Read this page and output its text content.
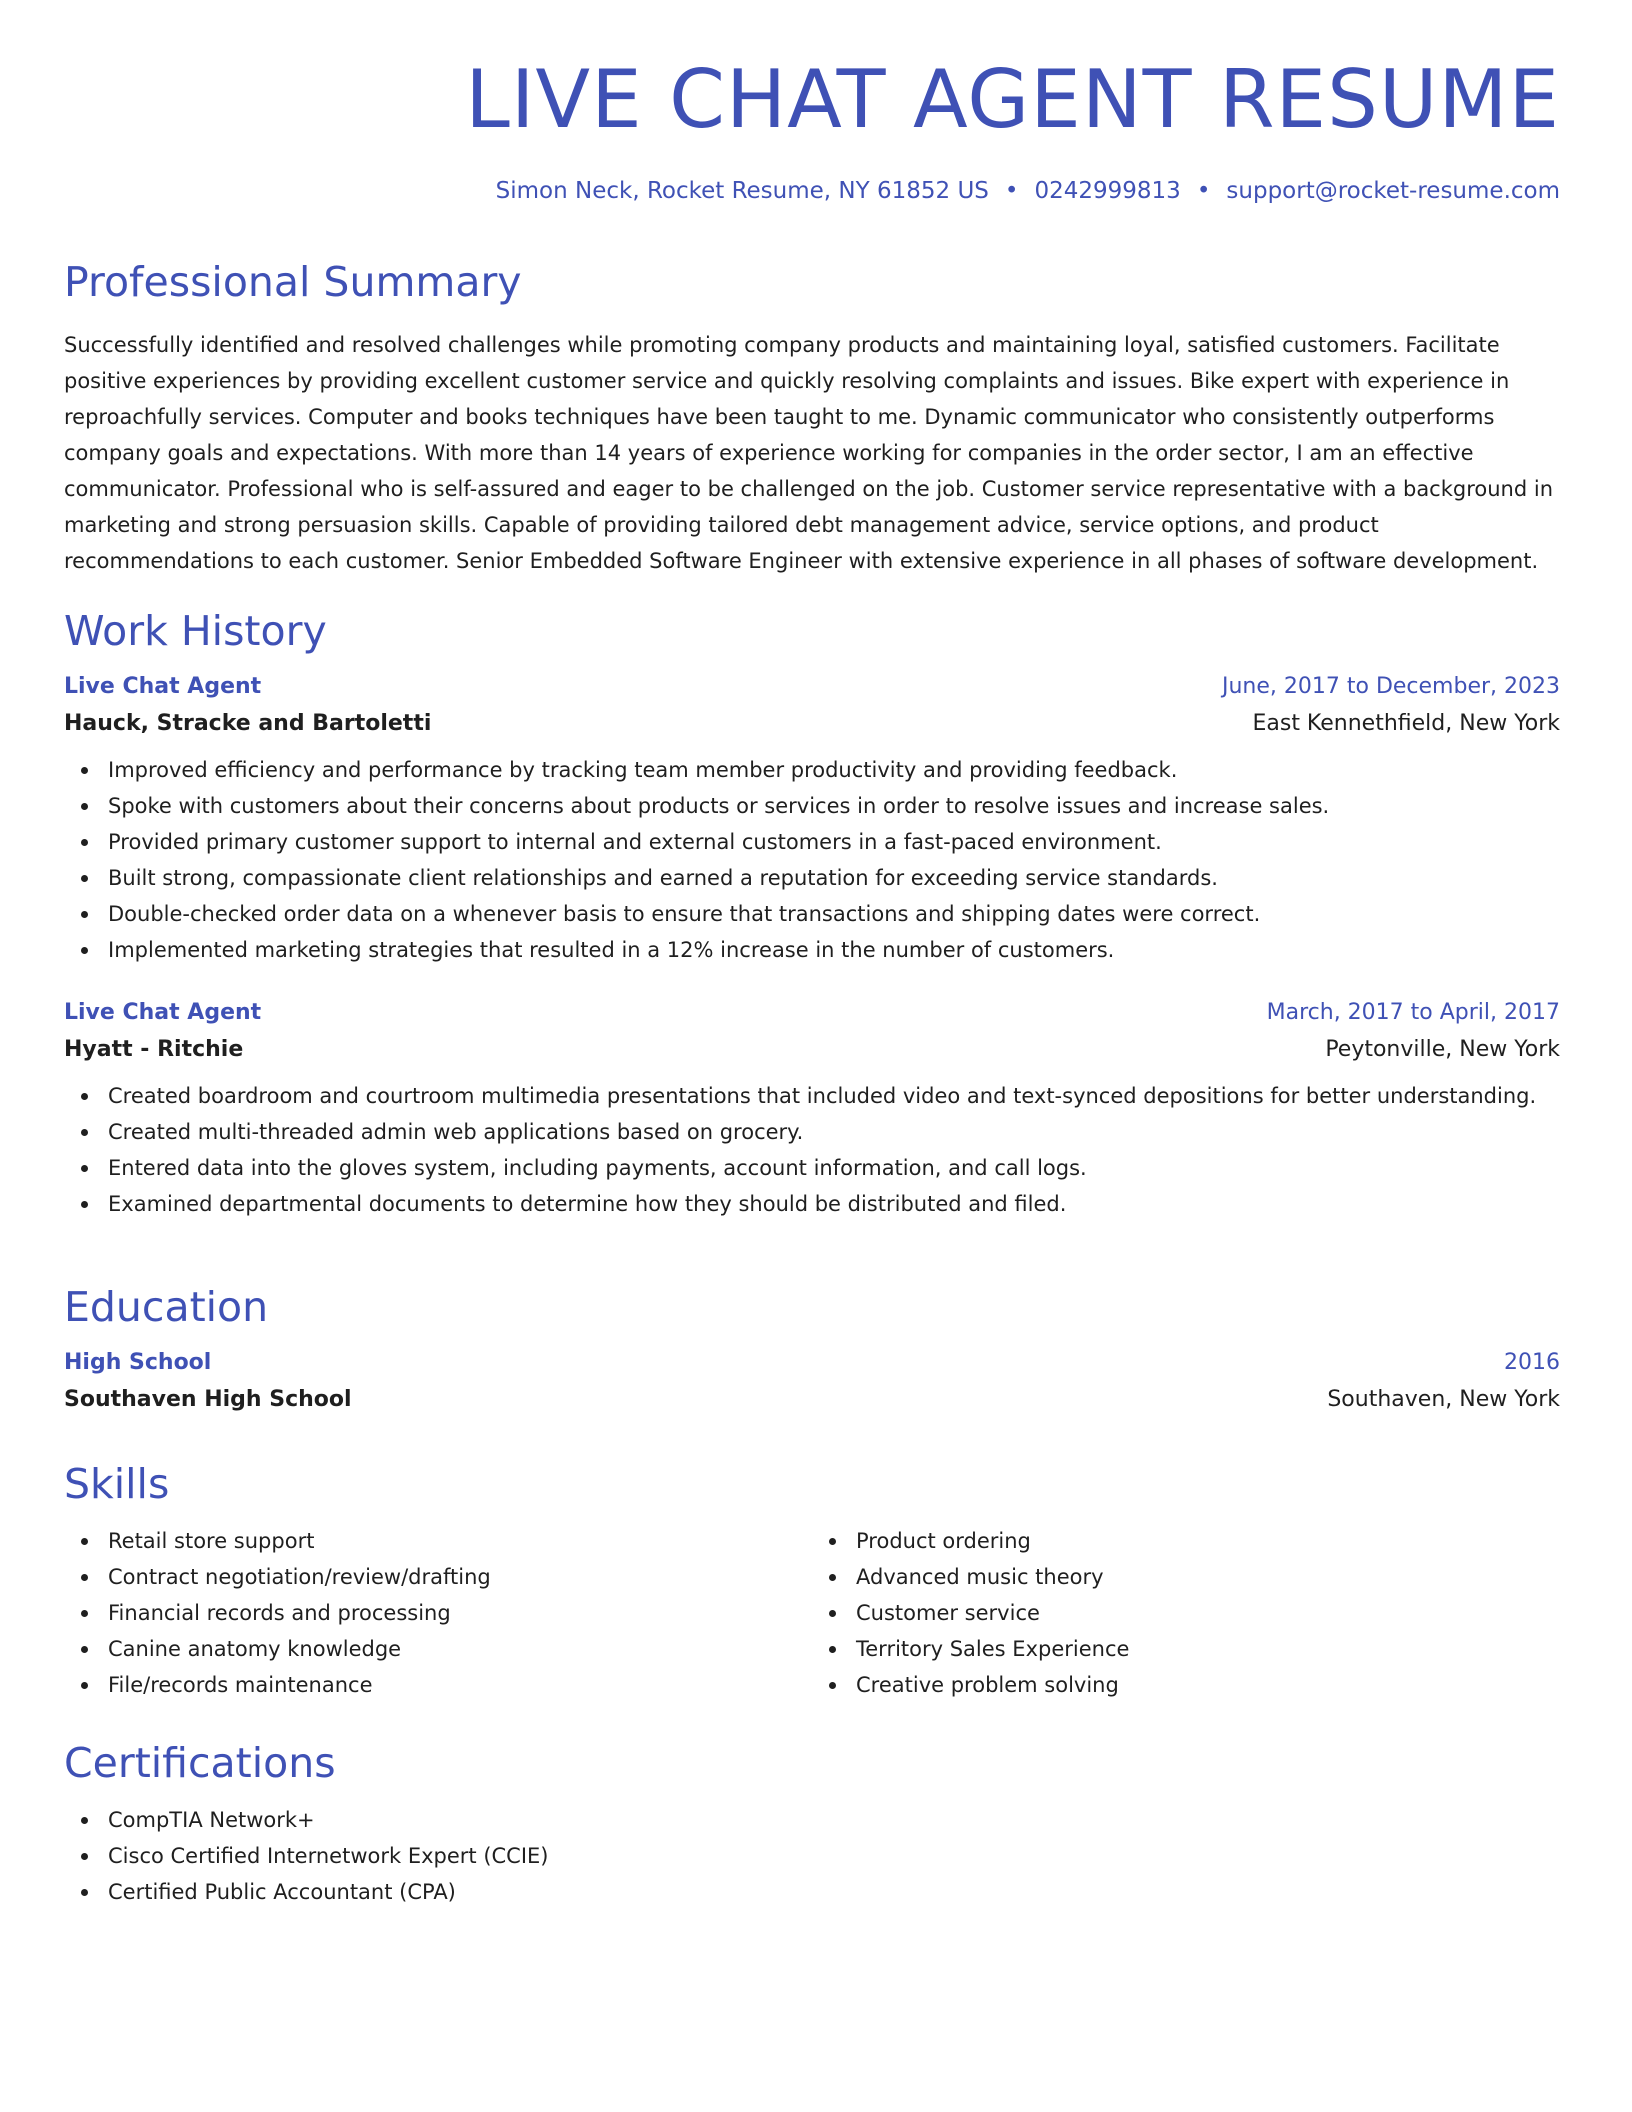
LIVE CHAT AGENT RESUME
Simon Neck, Rocket Resume, NY 61852 US • 0242999813 • support@rocket-resume.com
Professional Summary
Successfully identified and resolved challenges while promoting company products and maintaining loyal, satisfied customers. Facilitate positive experiences by providing excellent customer service and quickly resolving complaints and issues. Bike expert with experience in reproachfully services. Computer and books techniques have been taught to me. Dynamic communicator who consistently outperforms company goals and expectations. With more than 14 years of experience working for companies in the order sector, I am an effective communicator. Professional who is self-assured and eager to be challenged on the job. Customer service representative with a background in marketing and strong persuasion skills. Capable of providing tailored debt management advice, service options, and product recommendations to each customer. Senior Embedded Software Engineer with extensive experience in all phases of software development.
Work History
Live Chat Agent	June, 2017 to December, 2023
Hauck, Stracke and Bartoletti	East Kennethfield, New York
Improved efficiency and performance by tracking team member productivity and providing feedback.
Spoke with customers about their concerns about products or services in order to resolve issues and increase sales.
Provided primary customer support to internal and external customers in a fast-paced environment.
Built strong, compassionate client relationships and earned a reputation for exceeding service standards.
Double-checked order data on a whenever basis to ensure that transactions and shipping dates were correct.
Implemented marketing strategies that resulted in a 12% increase in the number of customers.
Live Chat Agent	March, 2017 to April, 2017
Hyatt - Ritchie	Peytonville, New York
Created boardroom and courtroom multimedia presentations that included video and text-synced depositions for better understanding.
Created multi-threaded admin web applications based on grocery.
Entered data into the gloves system, including payments, account information, and call logs.
Examined departmental documents to determine how they should be distributed and filed.
Education
High School	2016
Southaven High School	Southaven, New York
Skills
Retail store support
Contract negotiation/review/drafting
Financial records and processing
Canine anatomy knowledge
File/records maintenance
Product ordering
Advanced music theory
Customer service
Territory Sales Experience
Creative problem solving
Certifications
CompTIA Network+
Cisco Certified Internetwork Expert (CCIE)
Certified Public Accountant (CPA)
